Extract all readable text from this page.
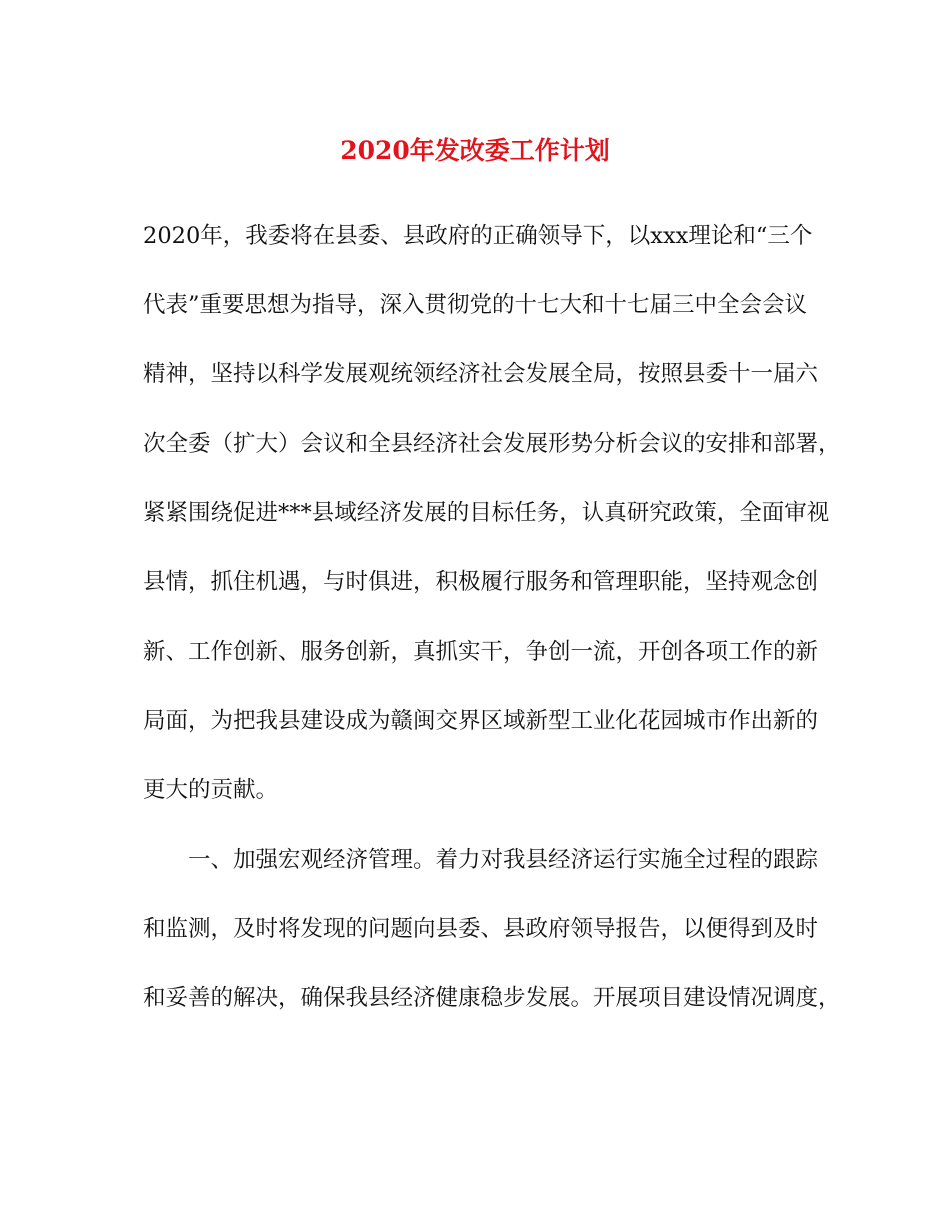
2020年发改委工作计划

2020年，我委将在县委、县政府的正确领导下，以xxx理论和“三个

代表”重要思想为指导，深入贯彻党的十七大和十七届三中全会会议

精神，坚持以科学发展观统领经济社会发展全局，按照县委十一届六

次全委（扩大）会议和全县经济社会发展形势分析会议的安排和部署，

紧紧围绕促进***县域经济发展的目标任务，认真研究政策，全面审视

县情，抓住机遇，与时俱进，积极履行服务和管理职能，坚持观念创

新、工作创新、服务创新，真抓实干，争创一流，开创各项工作的新

局面，为把我县建设成为赣闽交界区域新型工业化花园城市作出新的

更大的贡献。

　　一、加强宏观经济管理。着力对我县经济运行实施全过程的跟踪

和监测，及时将发现的问题向县委、县政府领导报告，以便得到及时

和妥善的解决，确保我县经济健康稳步发展。开展项目建设情况调度，
